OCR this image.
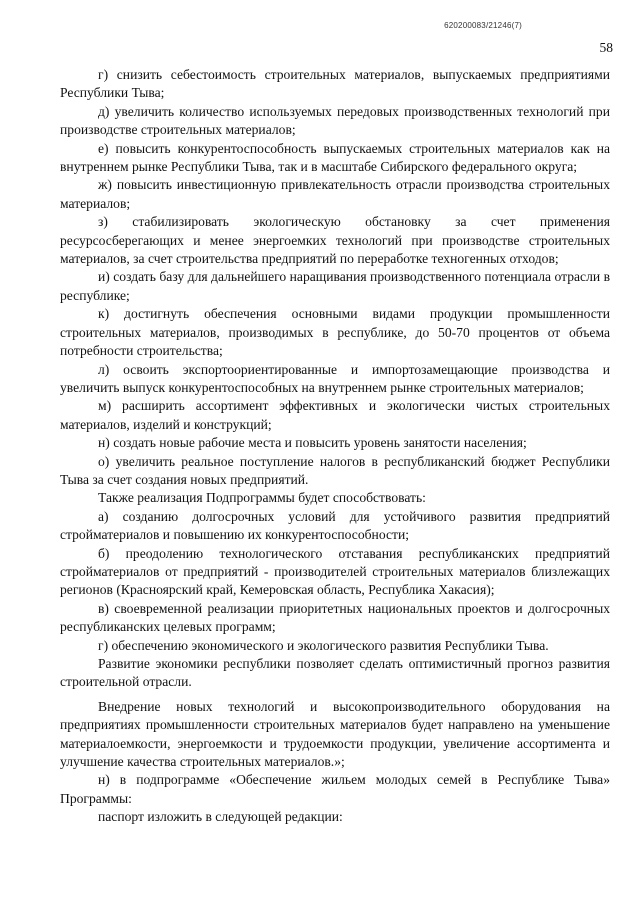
620200083/21246(7)
58

г) снизить себестоимость строительных материалов, выпускаемых предприятиями Республики Тыва;

д) увеличить количество используемых передовых производственных технологий при производстве строительных материалов;

е) повысить конкурентоспособность выпускаемых строительных материалов как на внутреннем рынке Республики Тыва, так и в масштабе Сибирского федерального округа;

ж) повысить инвестиционную привлекательность отрасли производства строительных материалов;

з) стабилизировать экологическую обстановку за счет применения ресурсосберегающих и менее энергоемких технологий при производстве строительных материалов, за счет строительства предприятий по переработке техногенных отходов;

и) создать базу для дальнейшего наращивания производственного потенциала отрасли в республике;

к) достигнуть обеспечения основными видами продукции промышленности строительных материалов, производимых в республике, до 50-70 процентов от объема потребности строительства;

л) освоить экспортоориентированные и импортозамещающие производства и увеличить выпуск конкурентоспособных на внутреннем рынке строительных материалов;

м) расширить ассортимент эффективных и экологически чистых строительных материалов, изделий и конструкций;

н) создать новые рабочие места и повысить уровень занятости населения;

о) увеличить реальное поступление налогов в республиканский бюджет Республики Тыва за счет создания новых предприятий.

Также реализация Подпрограммы будет способствовать:

а) созданию долгосрочных условий для устойчивого развития предприятий стройматериалов и повышению их конкурентоспособности;

б) преодолению технологического отставания республиканских предприятий стройматериалов от предприятий - производителей строительных материалов близлежащих регионов (Красноярский край, Кемеровская область, Республика Хакасия);

в) своевременной реализации приоритетных национальных проектов и долгосрочных республиканских целевых программ;

г) обеспечению экономического и экологического развития Республики Тыва.

Развитие экономики республики позволяет сделать оптимистичный прогноз развития строительной отрасли.

Внедрение новых технологий и высокопроизводительного оборудования на предприятиях промышленности строительных материалов будет направлено на уменьшение материалоемкости, энергоемкости и трудоемкости продукции, увеличение ассортимента и улучшение качества строительных материалов.»;

н) в подпрограмме «Обеспечение жильем молодых семей в Республике Тыва» Программы:

паспорт изложить в следующей редакции:
